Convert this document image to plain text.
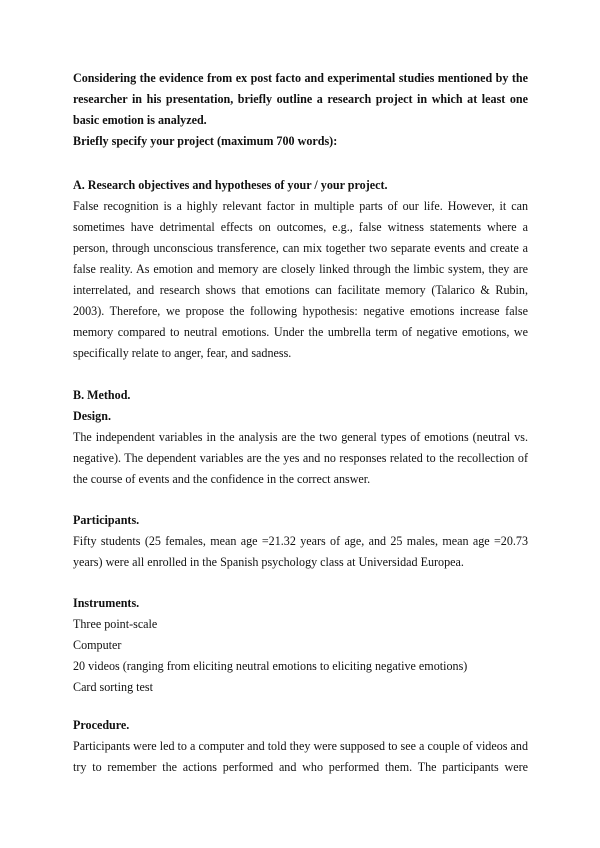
Considering the evidence from ex post facto and experimental studies mentioned by the
researcher in his presentation, briefly outline a research project in which at least one
basic emotion is analyzed.
Briefly specify your project (maximum 700 words):
A. Research objectives and hypotheses of your / your project.
False recognition is a highly relevant factor in multiple parts of our life. However, it can
sometimes have detrimental effects on outcomes, e.g., false witness statements where a
person, through unconscious transference, can mix together two separate events and create a
false reality. As emotion and memory are closely linked through the limbic system, they are
interrelated, and research shows that emotions can facilitate memory (Talarico & Rubin,
2003). Therefore, we propose the following hypothesis: negative emotions increase false
memory compared to neutral emotions. Under the umbrella term of negative emotions, we
specifically relate to anger, fear, and sadness.
B. Method.
Design.
The independent variables in the analysis are the two general types of emotions (neutral vs.
negative). The dependent variables are the yes and no responses related to the recollection of
the course of events and the confidence in the correct answer.
Participants.
Fifty students (25 females, mean age =21.32 years of age, and 25 males, mean age =20.73
years) were all enrolled in the Spanish psychology class at Universidad Europea.
Instruments.
Three point-scale
Computer
20 videos (ranging from eliciting neutral emotions to eliciting negative emotions)
Card sorting test
Procedure.
Participants were led to a computer and told they were supposed to see a couple of videos and
try to remember the actions performed and who performed them. The participants were
